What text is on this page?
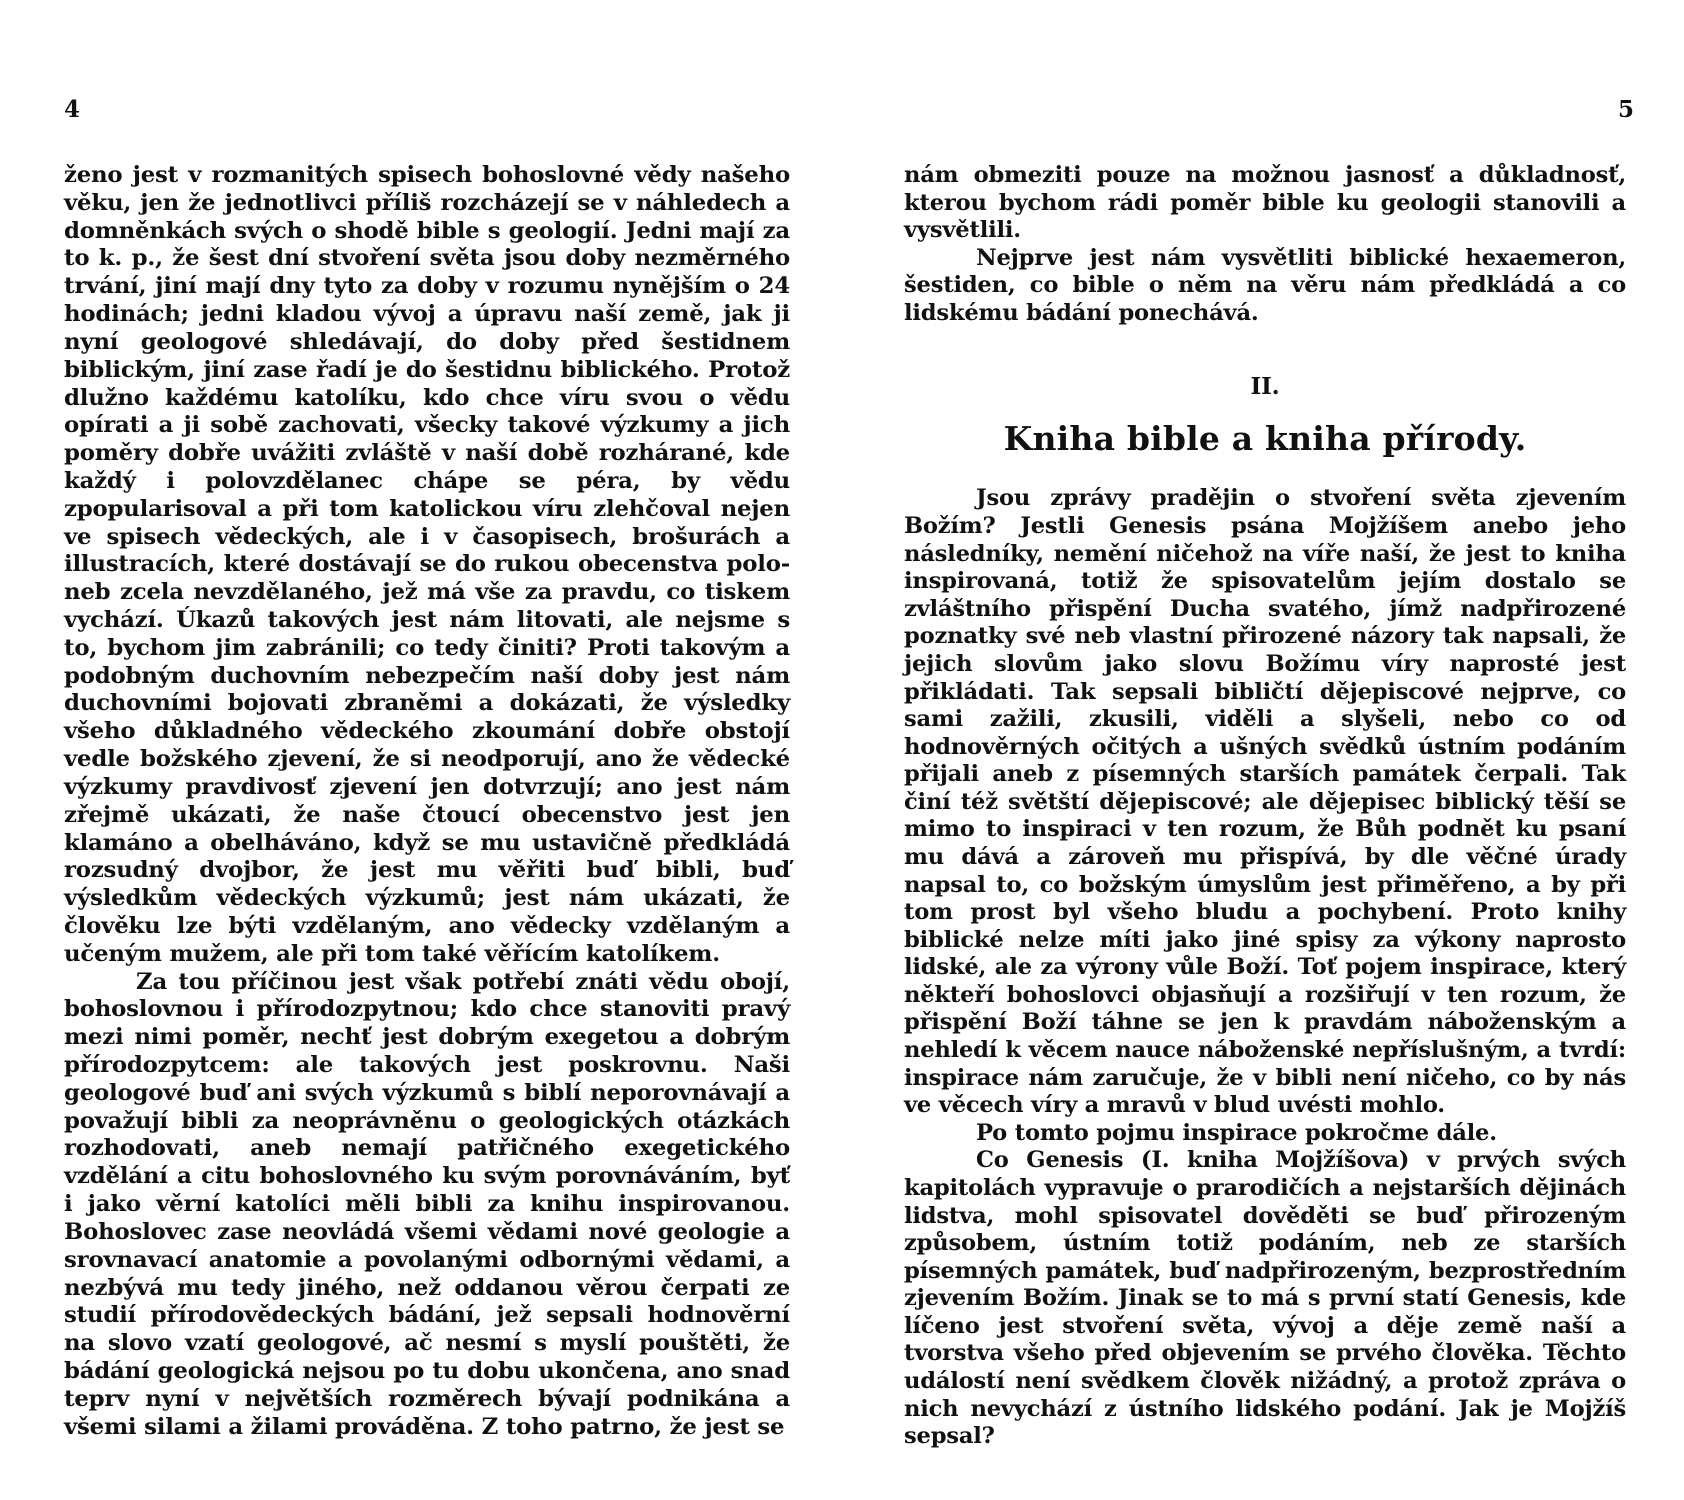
4	5

ženo jest v rozmanitých spisech bohoslovné vědy našeho věku, jen že jednotlivci příliš rozcházejí se v náhledech a domněnkách svých o shodě bible s geologií. Jedni mají za to k. p., že šest dní stvoření světa jsou doby nezměrného trvání, jiní mají dny tyto za doby v rozumu nynějším o 24 hodinách; jedni kladou vývoj a úpravu naší země, jak ji nyní geologové shledávají, do doby před šestidnem biblickým, jiní zase řadí je do šestidnu biblického. Protož dlužno každému katolíku, kdo chce víru svou o vědu opírati a ji sobě zachovati, všecky takové výzkumy a jich poměry dobře uvážiti zvláště v naší době rozhárané, kde každý i polovzdělanec chápe se péra, by vědu zpopularisoval a při tom katolickou víru zlehčoval nejen ve spisech vědeckých, ale i v časopisech, brošurách a illustracích, které dostávají se do rukou obecenstva polo- neb zcela nevzdělaného, jež má vše za pravdu, co tiskem vychází. Úkazů takových jest nám litovati, ale nejsme s to, bychom jim zabránili; co tedy činiti? Proti takovým a podobným duchovním nebezpečím naší doby jest nám duchovními bojovati zbraněmi a dokázati, že výsledky všeho důkladného vědeckého zkoumání dobře obstojí vedle božského zjevení, že si neodporují, ano že vědecké výzkumy pravdivosť zjevení jen dotvrzují; ano jest nám zřejmě ukázati, že naše čtoucí obecenstvo jest jen klamáno a obelháváno, když se mu ustavičně předkládá rozsudný dvojbor, že jest mu věřiti buď bibli, buď výsledkům vědeckých výzkumů; jest nám ukázati, že člověku lze býti vzdělaným, ano vědecky vzdělaným a učeným mužem, ale při tom také věřícím katolíkem.

Za tou příčinou jest však potřebí znáti vědu obojí, bohoslovnou i přírodozpytnou; kdo chce stanoviti pravý mezi nimi poměr, nechť jest dobrým exegetou a dobrým přírodozpytcem: ale takových jest poskrovnu. Naši geologové buď ani svých výzkumů s biblí neporovnávají a považují bibli za neoprávněnu o geologických otázkách rozhodovati, aneb nemají patřičného exegetického vzdělání a citu bohoslovného ku svým porovnáváním, byť i jako věrní katolíci měli bibli za knihu inspirovanou. Bohoslovec zase neovládá všemi vědami nové geologie a srovnavací anatomie a povolanými odbornými vědami, a nezbývá mu tedy jiného, než oddanou věrou čerpati ze studií přírodovědeckých bádání, jež sepsali hodnověrní na slovo vzatí geologové, ač nesmí s myslí pouštěti, že bádání geologická nejsou po tu dobu ukončena, ano snad teprv nyní v největších rozměrech bývají podnikána a všemi silami a žilami prováděna. Z toho patrno, že jest se

nám obmeziti pouze na možnou jasnosť a důkladnosť, kterou bychom rádi poměr bible ku geologii stanovili a vysvětlili.

Nejprve jest nám vysvětliti biblické hexaemeron, šestiden, co bible o něm na věru nám předkládá a co lidskému bádání ponechává.

II.
Kniha bible a kniha přírody.

Jsou zprávy pradějin o stvoření světa zjevením Božím? Jestli Genesis psána Mojžíšem anebo jeho následníky, nemění ničehož na víře naší, že jest to kniha inspirovaná, totiž že spisovatelům jejím dostalo se zvláštního přispění Ducha svatého, jímž nadpřirozené poznatky své neb vlastní přirozené názory tak napsali, že jejich slovům jako slovu Božímu víry naprosté jest přikládati. Tak sepsali bibličtí dějepiscové nejprve, co sami zažili, zkusili, viděli a slyšeli, nebo co od hodnověrných očitých a ušných svědků ústním podáním přijali aneb z písemných starších památek čerpali. Tak činí též světští dějepiscové; ale dějepisec biblický těší se mimo to inspiraci v ten rozum, že Bůh podnět ku psaní mu dává a zároveň mu přispívá, by dle věčné úrady napsal to, co božským úmyslům jest přiměřeno, a by při tom prost byl všeho bludu a pochybení. Proto knihy biblické nelze míti jako jiné spisy za výkony naprosto lidské, ale za výrony vůle Boží. Toť pojem inspirace, který někteří bohoslovci objasňují a rozšiřují v ten rozum, že přispění Boží táhne se jen k pravdám náboženským a nehledí k věcem nauce náboženské nepříslušným, a tvrdí: inspirace nám zaručuje, že v bibli není ničeho, co by nás ve věcech víry a mravů v blud uvésti mohlo.

Po tomto pojmu inspirace pokročme dále.

Co Genesis (I. kniha Mojžíšova) v prvých svých kapitolách vypravuje o prarodičích a nejstarších dějinách lidstva, mohl spisovatel dověděti se buď přirozeným způsobem, ústním totiž podáním, neb ze starších písemných památek, buď nadpřirozeným, bezprostředním zjevením Božím. Jinak se to má s první statí Genesis, kde líčeno jest stvoření světa, vývoj a děje země naší a tvorstva všeho před objevením se prvého člověka. Těchto událostí není svědkem člověk nižádný, a protož zpráva o nich nevychází z ústního lidského podání. Jak je Mojžíš sepsal?
